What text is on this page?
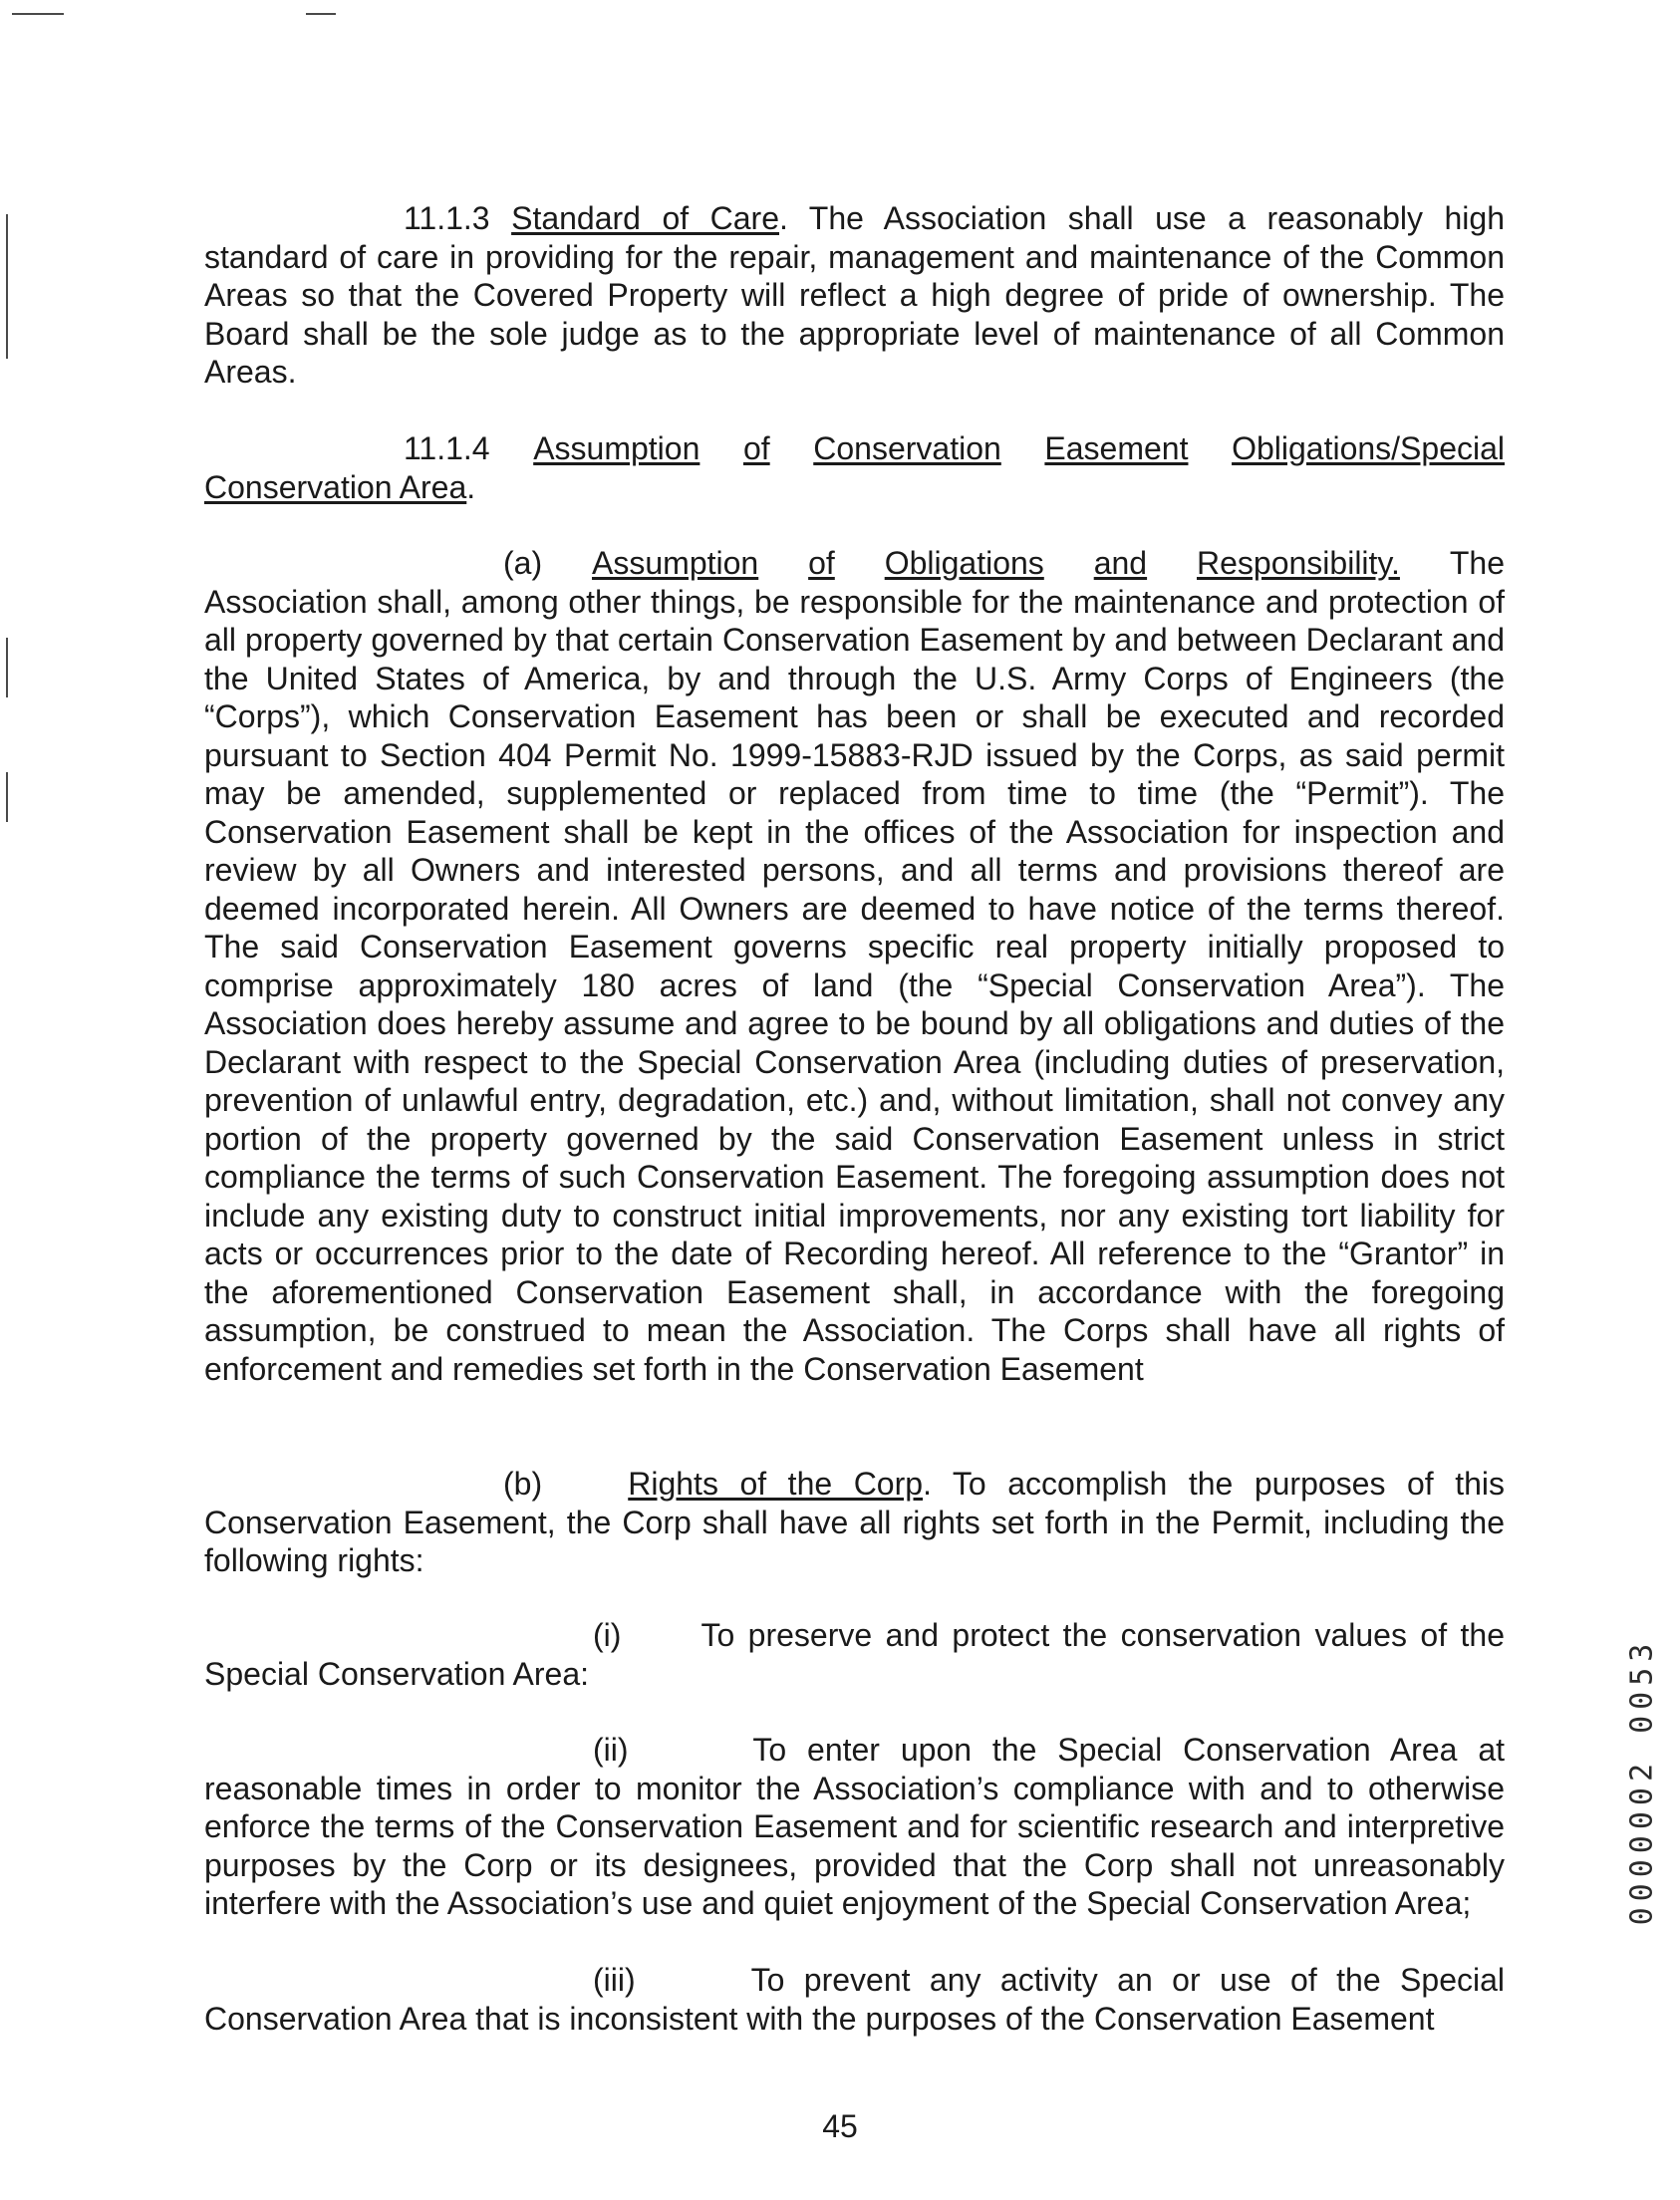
11.1.3 Standard of Care. The Association shall use a reasonably high standard of care in providing for the repair, management and maintenance of the Common Areas so that the Covered Property will reflect a high degree of pride of ownership. The Board shall be the sole judge as to the appropriate level of maintenance of all Common Areas.

11.1.4 Assumption of Conservation Easement Obligations/Special
Conservation Area.
(a) Assumption of Obligations and Responsibility. The
Association shall, among other things, be responsible for the maintenance and protection of all property governed by that certain Conservation Easement by and between Declarant and the United States of America, by and through the U.S. Army Corps of Engineers (the “Corps”), which Conservation Easement has been or shall be executed and recorded pursuant to Section 404 Permit No. 1999-15883-RJD issued by the Corps, as said permit may be amended, supplemented or replaced from time to time (the “Permit”). The Conservation Easement shall be kept in the offices of the Association for inspection and review by all Owners and interested persons, and all terms and provisions thereof are deemed incorporated herein. All Owners are deemed to have notice of the terms thereof. The said Conservation Easement governs specific real property initially proposed to comprise approximately 180 acres of land (the “Special Conservation Area”). The Association does hereby assume and agree to be bound by all obligations and duties of the Declarant with respect to the Special Conservation Area (including duties of preservation, prevention of unlawful entry, degradation, etc.) and, without limitation, shall not convey any portion of the property governed by the said Conservation Easement unless in strict compliance the terms of such Conservation Easement. The foregoing assumption does not include any existing duty to construct initial improvements, nor any existing tort liability for acts or occurrences prior to the date of Recording hereof. All reference to the “Grantor” in the aforementioned Conservation Easement shall, in accordance with the foregoing assumption, be construed to mean the Association. The Corps shall have all rights of enforcement and remedies set forth in the Conservation Easement

(b)	Rights of the Corp. To accomplish the purposes of this Conservation Easement, the Corp shall have all rights set forth in the Permit, including the following rights:

(i)	To preserve and protect the conservation values of the Special Conservation Area:

(ii)	To enter upon the Special Conservation Area at reasonable times in order to monitor the Association’s compliance with and to otherwise enforce the terms of the Conservation Easement and for scientific research and interpretive purposes by the Corp or its designees, provided that the Corp shall not unreasonably interfere with the Association’s use and quiet enjoyment of the Special Conservation Area;

(iii)	To prevent any activity an or use of the Special Conservation Area that is inconsistent with the purposes of the Conservation Easement

45
0000002 0053
